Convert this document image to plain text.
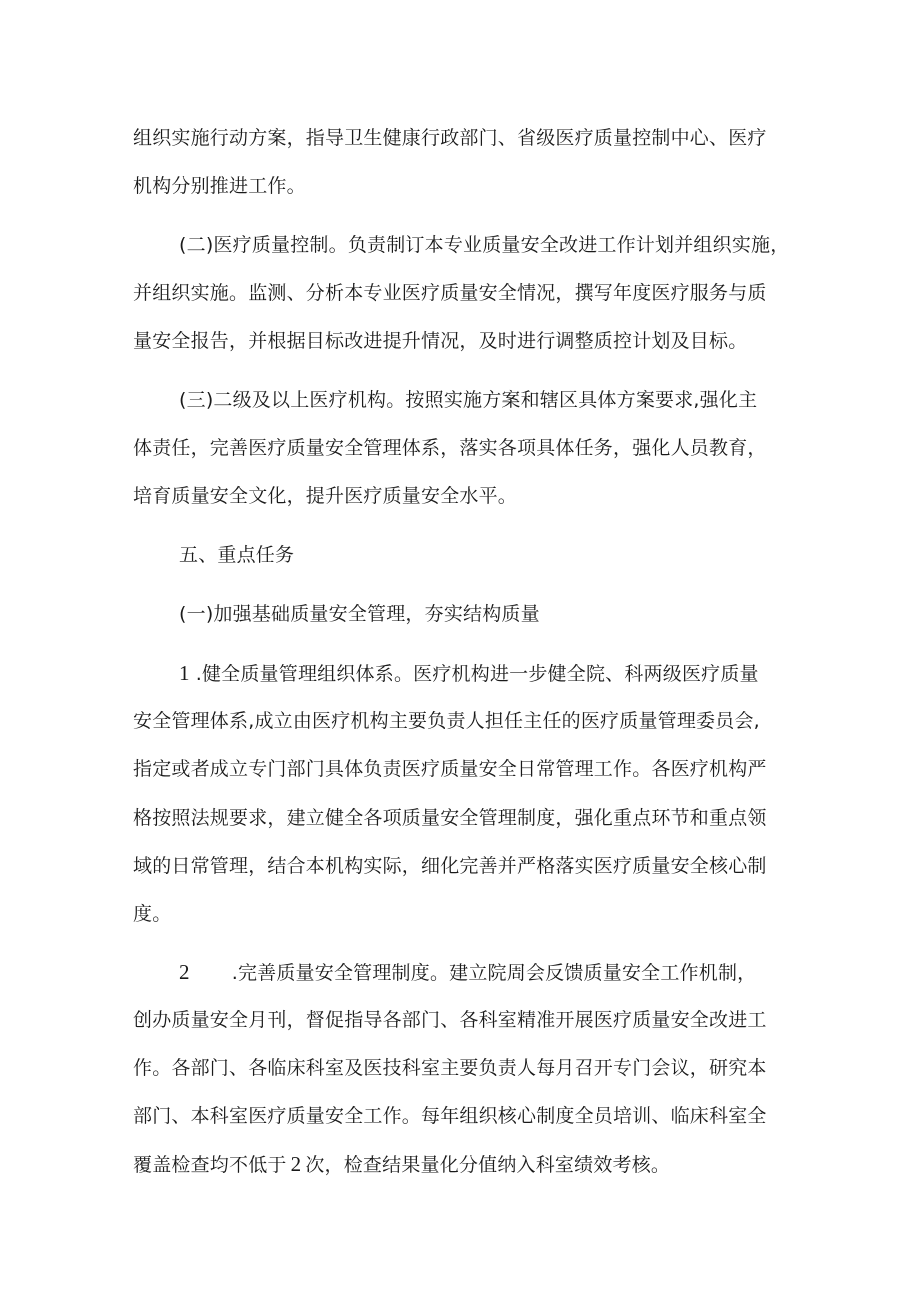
组织实施行动方案，指导卫生健康行政部门、省级医疗质量控制中心、医疗
机构分别推进工作。
(二)医疗质量控制。负责制订本专业质量安全改进工作计划并组织实施，
并组织实施。监测、分析本专业医疗质量安全情况，撰写年度医疗服务与质
量安全报告，并根据目标改进提升情况，及时进行调整质控计划及目标。
(三)二级及以上医疗机构。按照实施方案和辖区具体方案要求,强化主
体责任，完善医疗质量安全管理体系，落实各项具体任务，强化人员教育，
培育质量安全文化，提升医疗质量安全水平。
五、重点任务
(一)加强基础质量安全管理，夯实结构质量
1 .健全质量管理组织体系。医疗机构进一步健全院、科两级医疗质量
安全管理体系,成立由医疗机构主要负责人担任主任的医疗质量管理委员会,
指定或者成立专门部门具体负责医疗质量安全日常管理工作。各医疗机构严
格按照法规要求，建立健全各项质量安全管理制度，强化重点环节和重点领
域的日常管理，结合本机构实际，细化完善并严格落实医疗质量安全核心制
度。
2 .完善质量安全管理制度。建立院周会反馈质量安全工作机制，
创办质量安全月刊，督促指导各部门、各科室精准开展医疗质量安全改进工
作。各部门、各临床科室及医技科室主要负责人每月召开专门会议，研究本
部门、本科室医疗质量安全工作。每年组织核心制度全员培训、临床科室全
覆盖检查均不低于 2 次，检查结果量化分值纳入科室绩效考核。
